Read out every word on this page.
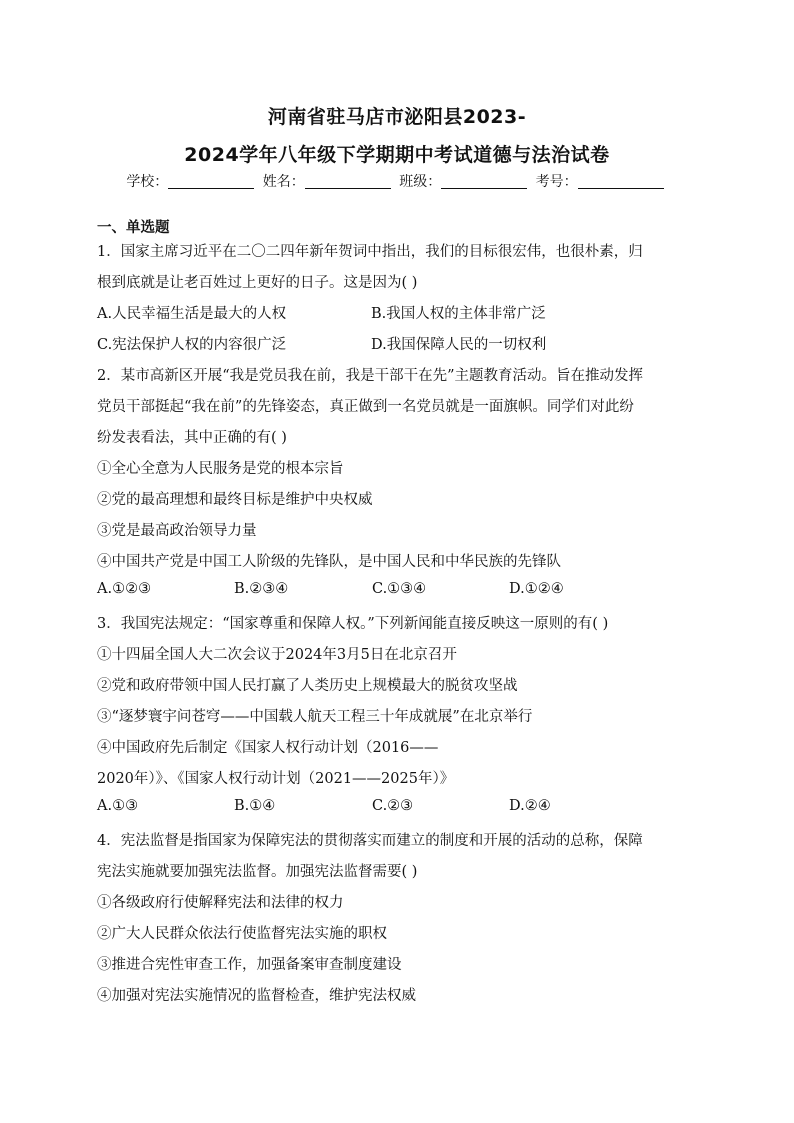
河南省驻马店市泌阳县2023-
2024学年八年级下学期期中考试道德与法治试卷
学校：	姓名：	班级：	考号：
一、单选题
1．国家主席习近平在二〇二四年新年贺词中指出，我们的目标很宏伟，也很朴素，归
根到底就是让老百姓过上更好的日子。这是因为( )
A.人民幸福生活是最大的人权	B.我国人权的主体非常广泛
C.宪法保护人权的内容很广泛	D.我国保障人民的一切权利
2．某市高新区开展“我是党员我在前，我是干部干在先”主题教育活动。旨在推动发挥
党员干部挺起“我在前”的先锋姿态，真正做到一名党员就是一面旗帜。同学们对此纷
纷发表看法，其中正确的有( )
①全心全意为人民服务是党的根本宗旨
②党的最高理想和最终目标是维护中央权威
③党是最高政治领导力量
④中国共产党是中国工人阶级的先锋队，是中国人民和中华民族的先锋队
A.①②③	B.②③④	C.①③④	D.①②④
3．我国宪法规定：“国家尊重和保障人权。”下列新闻能直接反映这一原则的有( )
①十四届全国人大二次会议于2024年3月5日在北京召开
②党和政府带领中国人民打赢了人类历史上规模最大的脱贫攻坚战
③“逐梦寰宇问苍穹——中国载人航天工程三十年成就展”在北京举行
④中国政府先后制定《国家人权行动计划（2016——
2020年）》、《国家人权行动计划（2021——2025年）》
A.①③	B.①④	C.②③	D.②④
4．宪法监督是指国家为保障宪法的贯彻落实而建立的制度和开展的活动的总称，保障
宪法实施就要加强宪法监督。加强宪法监督需要( )
①各级政府行使解释宪法和法律的权力
②广大人民群众依法行使监督宪法实施的职权
③推进合宪性审查工作，加强备案审查制度建设
④加强对宪法实施情况的监督检查，维护宪法权威
